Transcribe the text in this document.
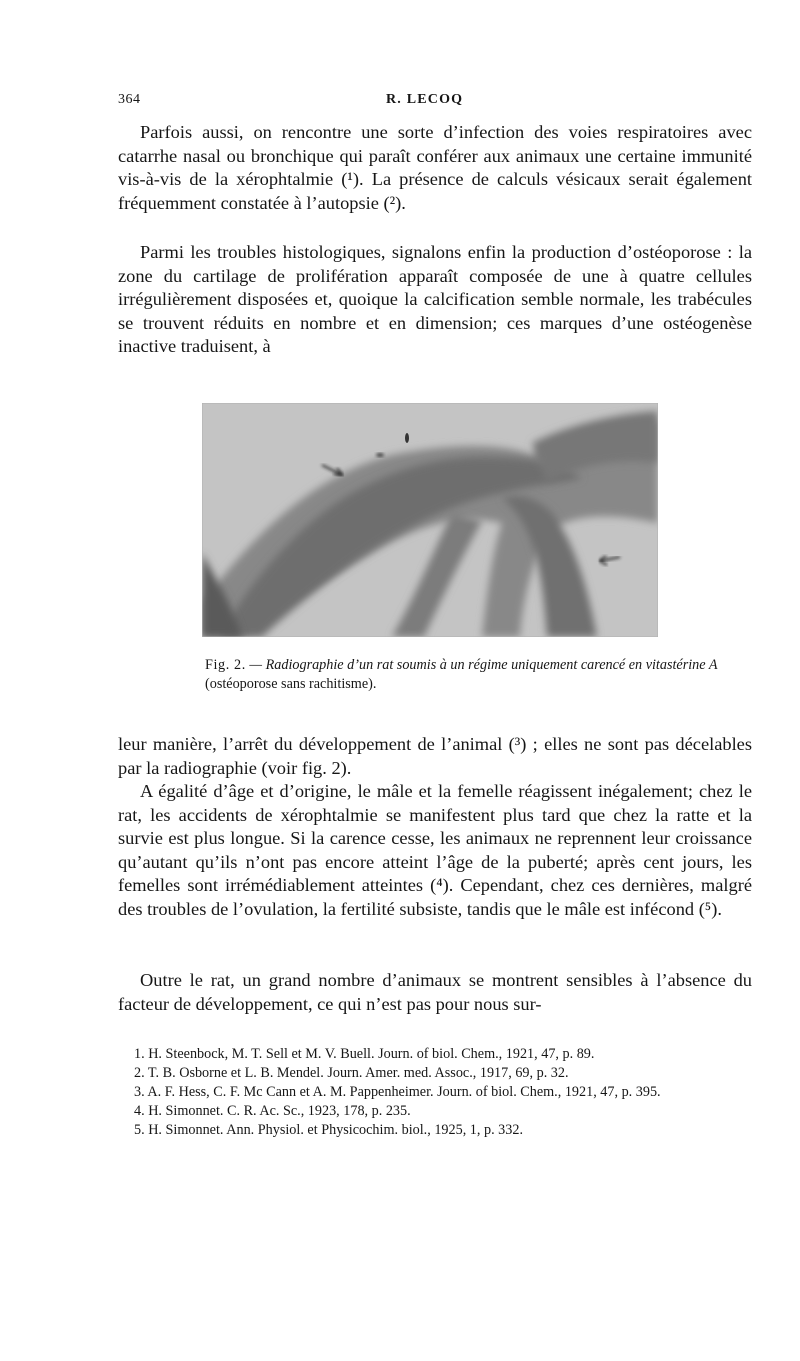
364	R. LECOQ

Parfois aussi, on rencontre une sorte d’infection des voies respiratoires avec catarrhe nasal ou bronchique qui paraît conférer aux animaux une certaine immunité vis-à-vis de la xérophtalmie (¹). La présence de calculs vésicaux serait également fréquemment constatée à l’autopsie (²).

Parmi les troubles histologiques, signalons enfin la production d’ostéoporose : la zone du cartilage de prolifération apparaît composée de une à quatre cellules irrégulièrement disposées et, quoique la calcification semble normale, les trabécules se trouvent réduits en nombre et en dimension; ces marques d’une ostéogenèse inactive traduisent, à

Fig. 2. — Radiographie d’un rat soumis à un régime uniquement carencé en vitastérine A (ostéoporose sans rachitisme).

leur manière, l’arrêt du développement de l’animal (³) ; elles ne sont pas décelables par la radiographie (voir fig. 2).

A égalité d’âge et d’origine, le mâle et la femelle réagissent inégalement; chez le rat, les accidents de xérophtalmie se manifestent plus tard que chez la ratte et la survie est plus longue. Si la carence cesse, les animaux ne reprennent leur croissance qu’autant qu’ils n’ont pas encore atteint l’âge de la puberté; après cent jours, les femelles sont irrémédiablement atteintes (⁴). Cependant, chez ces dernières, malgré des troubles de l’ovulation, la fertilité subsiste, tandis que le mâle est infécond (⁵).

Outre le rat, un grand nombre d’animaux se montrent sensibles à l’absence du facteur de développement, ce qui n’est pas pour nous sur-

1. H. Steenbock, M. T. Sell et M. V. Buell. Journ. of biol. Chem., 1921, 47, p. 89.
2. T. B. Osborne et L. B. Mendel. Journ. Amer. med. Assoc., 1917, 69, p. 32.
3. A. F. Hess, C. F. Mc Cann et A. M. Pappenheimer. Journ. of biol. Chem., 1921, 47, p. 395.
4. H. Simonnet. C. R. Ac. Sc., 1923, 178, p. 235.
5. H. Simonnet. Ann. Physiol. et Physicochim. biol., 1925, 1, p. 332.
